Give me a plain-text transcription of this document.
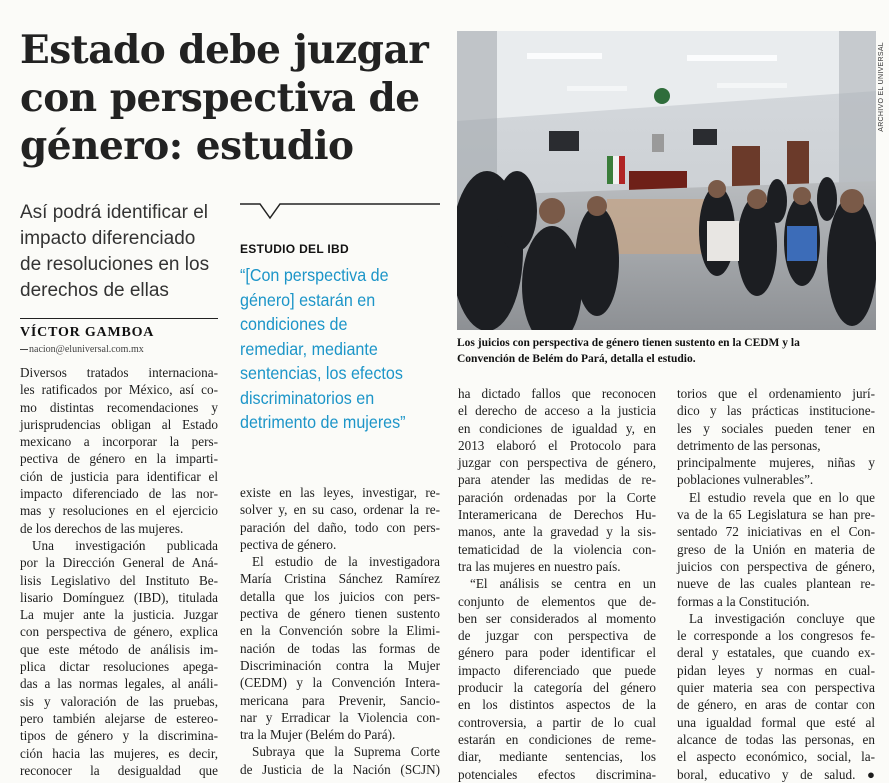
Estado debe juzgar
con perspectiva de
género: estudio
Así podrá identificar el
impacto diferenciado
de resoluciones en los
derechos de ellas
VÍCTOR GAMBOA
nacion@eluniversal.com.mx
ESTUDIO DEL IBD
“[Con perspectiva de
género] estarán en
condiciones de
remediar, mediante
sentencias, los efectos
discriminatorios en
detrimento de mujeres”
ARCHIVO EL UNIVERSAL
Los juicios con perspectiva de género tienen sustento en la CEDM y la
Convención de Belém do Pará, detalla el estudio.
Diversos tratados internaciona-
les ratificados por México, así co-
mo distintas recomendaciones y
jurisprudencias obligan al Estado
mexicano a incorporar la pers-
pectiva de género en la imparti-
ción de justicia para identificar el
impacto diferenciado de las nor-
mas y resoluciones en el ejercicio
de los derechos de las mujeres.
Una investigación publicada
por la Dirección General de Aná-
lisis Legislativo del Instituto Be-
lisario Domínguez (IBD), titulada
La mujer ante la justicia. Juzgar
con perspectiva de género, explica
que este método de análisis im-
plica dictar resoluciones apega-
das a las normas legales, al análi-
sis y valoración de las pruebas,
pero también alejarse de estereo-
tipos de género y la discrimina-
ción hacia las mujeres, es decir,
reconocer la desigualdad que
existe en las leyes, investigar, re-
solver y, en su caso, ordenar la re-
paración del daño, todo con pers-
pectiva de género.
El estudio de la investigadora
María Cristina Sánchez Ramírez
detalla que los juicios con pers-
pectiva de género tienen sustento
en la Convención sobre la Elimi-
nación de todas las formas de
Discriminación contra la Mujer
(CEDM) y la Convención Intera-
mericana para Prevenir, Sancio-
nar y Erradicar la Violencia con-
tra la Mujer (Belém do Pará).
Subraya que la Suprema Corte
de Justicia de la Nación (SCJN)
ha dictado fallos que reconocen
el derecho de acceso a la justicia
en condiciones de igualdad y, en
2013 elaboró el Protocolo para
juzgar con perspectiva de género,
para atender las medidas de re-
paración ordenadas por la Corte
Interamericana de Derechos Hu-
manos, ante la gravedad y la sis-
tematicidad de la violencia con-
tra las mujeres en nuestro país.
“El análisis se centra en un
conjunto de elementos que de-
ben ser considerados al momento
de juzgar con perspectiva de
género para poder identificar el
impacto diferenciado que puede
producir la categoría del género
en los distintos aspectos de la
controversia, a partir de lo cual
estarán en condiciones de reme-
diar, mediante sentencias, los
potenciales efectos discrimina-
torios que el ordenamiento jurí-
dico y las prácticas institucione-
les y sociales pueden tener en
detrimento de las personas,
principalmente mujeres, niñas y
poblaciones vulnerables”.
El estudio revela que en lo que
va de la 65 Legislatura se han pre-
sentado 72 iniciativas en el Con-
greso de la Unión en materia de
juicios con perspectiva de género,
nueve de las cuales plantean re-
formas a la Constitución.
La investigación concluye que
le corresponde a los congresos fe-
deral y estatales, que cuando ex-
pidan leyes y normas en cual-
quier materia sea con perspectiva
de género, en aras de contar con
una igualdad formal que esté al
alcance de todas las personas, en
el aspecto económico, social, la-
boral, educativo y de salud. ●
